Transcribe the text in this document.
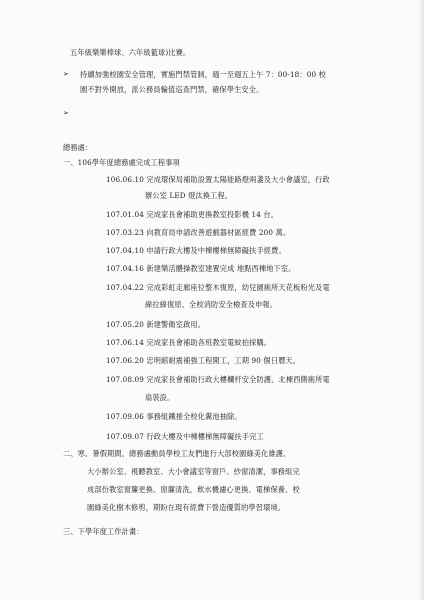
五年級樂樂棒球、六年級籃球)比賽。
➢ 持續加強校園安全管理，實施門禁管制，週一至週五上午 7：00-18：00 校
園不對外開放，派公務員輪值巡查門禁，確保學生安全。
➢
總務處：
一、106學年度總務處完成工程事項
106.06.10 完成環保局補助設置太陽能路燈兩盞及大小會議室，行政
辦公室 LED 燈汰換工程。
107.01.04 完成家長會補助更換教室投影機 14 台。
107.03.23 向教育局申請改善遊戲器材區經費 200 萬。
107.04.10 申請行政大樓及中棟樓梯無障礙扶手經費。
107.04.16 新建樂活體操教室建置完成 地點西棟地下室。
107.04.22 完成彩虹走廊座位整木復原，幼兒園廁所天花板粉光及電
線拉線復原、全校消防安全檢查及申報。
107.05.20 新建警衛室啟用。
107.06.14 完成家長會補助各班教室電蚊拍採購。
107.06.20 忠明館耐震補強工程開工，工期 90 個日曆天。
107.08.09 完成家長會補助行政大樓欄杆安全防護、北棟西側廁所電
扇裝設。
107.09.06 事務組鐵捲全校化糞池抽除。
107.09.07 行政大樓及中棟樓梯無障礙扶手完工
二、寒、暑假期間，總務處動員學校工友們進行大部校園綠美化維護、
大小辦公室、視聽教室、大小會議室等窗戶、紗窗清潔，事務組完
成部份教室窗簾更換、窗簾清洗，飲水機濾心更換、電梯保養、校
園綠美化樹木修剪，期盼在現有經費下營造優質的學習環境。
三、下學年度工作計畫：
